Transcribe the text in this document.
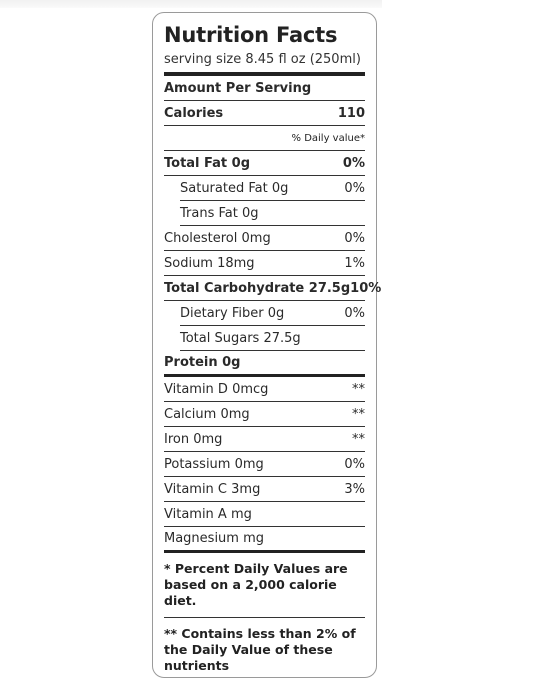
Nutrition Facts
serving size 8.45 fl oz (250ml)
Amount Per Serving
Calories	110
% Daily value*
Total Fat 0g	0%
Saturated Fat 0g	0%
Trans Fat 0g
Cholesterol 0mg	0%
Sodium 18mg	1%
Total Carbohydrate 27.5g 10%
Dietary Fiber 0g	0%
Total Sugars 27.5g
Protein 0g
Vitamin D 0mcg	**
Calcium 0mg	**
Iron 0mg	**
Potassium 0mg	0%
Vitamin C 3mg	3%
Vitamin A mg
Magnesium mg
* Percent Daily Values are based on a 2,000 calorie diet.
** Contains less than 2% of the Daily Value of these nutrients
